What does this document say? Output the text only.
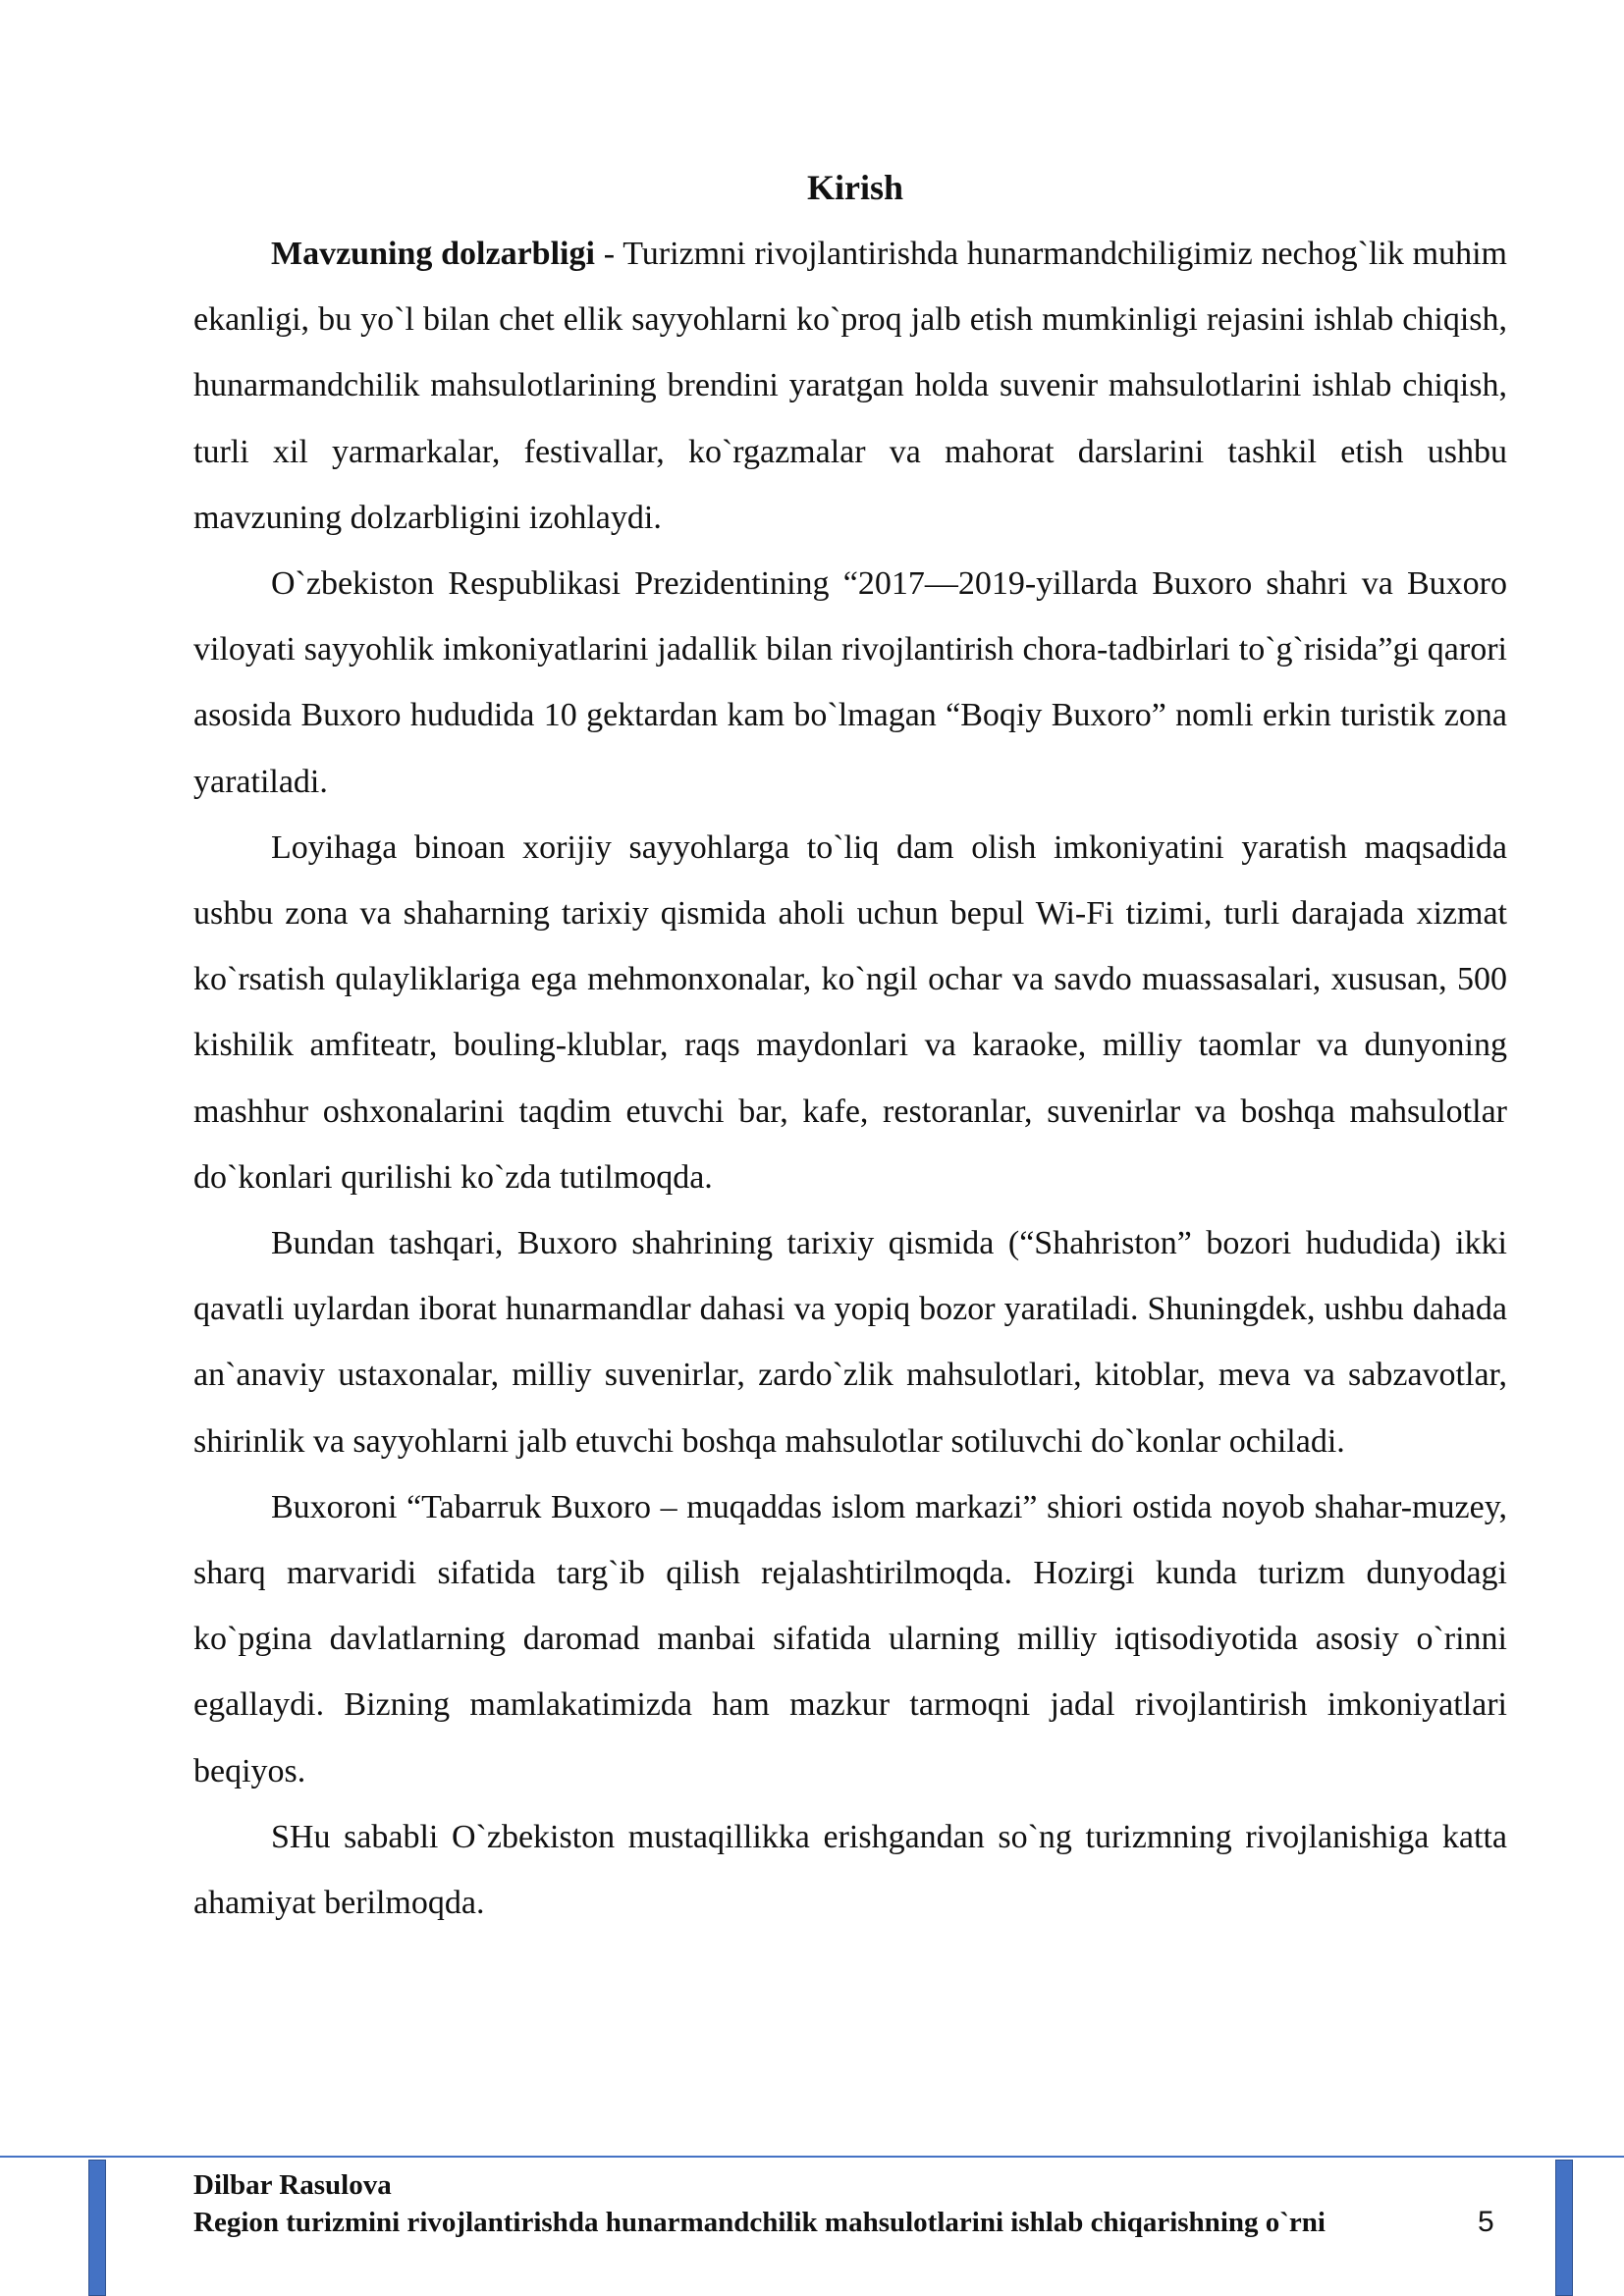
Kirish

Mavzuning dolzarbligi - Turizmni rivojlantirishda hunarmandchiligimiz nechog`lik muhim ekanligi, bu yo`l bilan chet ellik sayyohlarni ko`proq jalb etish mumkinligi rejasini ishlab chiqish, hunarmandchilik mahsulotlarining brendini yaratgan holda suvenir mahsulotlarini ishlab chiqish, turli xil yarmarkalar, festivallar, ko`rgazmalar va mahorat darslarini tashkil etish ushbu mavzuning dolzarbligini izohlaydi.

O`zbekiston Respublikasi Prezidentining “2017—2019-yillarda Buxoro shahri va Buxoro viloyati sayyohlik imkoniyatlarini jadallik bilan rivojlantirish chora-tadbirlari to`g`risida”gi qarori asosida Buxoro hududida 10 gektardan kam bo`lmagan “Boqiy Buxoro” nomli erkin turistik zona yaratiladi.

Loyihaga binoan xorijiy sayyohlarga to`liq dam olish imkoniyatini yaratish maqsadida ushbu zona va shaharning tarixiy qismida aholi uchun bepul Wi-Fi tizimi, turli darajada xizmat ko`rsatish qulayliklariga ega mehmonxonalar, ko`ngil ochar va savdo muassasalari, xususan, 500 kishilik amfiteatr, bouling-klublar, raqs maydonlari va karaoke, milliy taomlar va dunyoning mashhur oshxonalarini taqdim etuvchi bar, kafe, restoranlar, suvenirlar va boshqa mahsulotlar do`konlari qurilishi ko`zda tutilmoqda.

Bundan tashqari, Buxoro shahrining tarixiy qismida (“Shahriston” bozori hududida) ikki qavatli uylardan iborat hunarmandlar dahasi va yopiq bozor yaratiladi. Shuningdek, ushbu dahada an`anaviy ustaxonalar, milliy suvenirlar, zardo`zlik mahsulotlari, kitoblar, meva va sabzavotlar, shirinlik va sayyohlarni jalb etuvchi boshqa mahsulotlar sotiluvchi do`konlar ochiladi.

Buxoroni “Tabarruk Buxoro – muqaddas islom markazi” shiori ostida noyob shahar-muzey, sharq marvaridi sifatida targ`ib qilish rejalashtirilmoqda. Hozirgi kunda turizm dunyodagi ko`pgina davlatlarning daromad manbai sifatida ularning milliy iqtisodiyotida asosiy o`rinni egallaydi. Bizning mamlakatimizda ham mazkur tarmoqni jadal rivojlantirish imkoniyatlari beqiyos.

SHu sababli O`zbekiston mustaqillikka erishgandan so`ng turizmning rivojlanishiga katta ahamiyat berilmoqda.

Dilbar Rasulova
Region turizmini rivojlantirishda hunarmandchilik mahsulotlarini ishlab chiqarishning o`rni	5
